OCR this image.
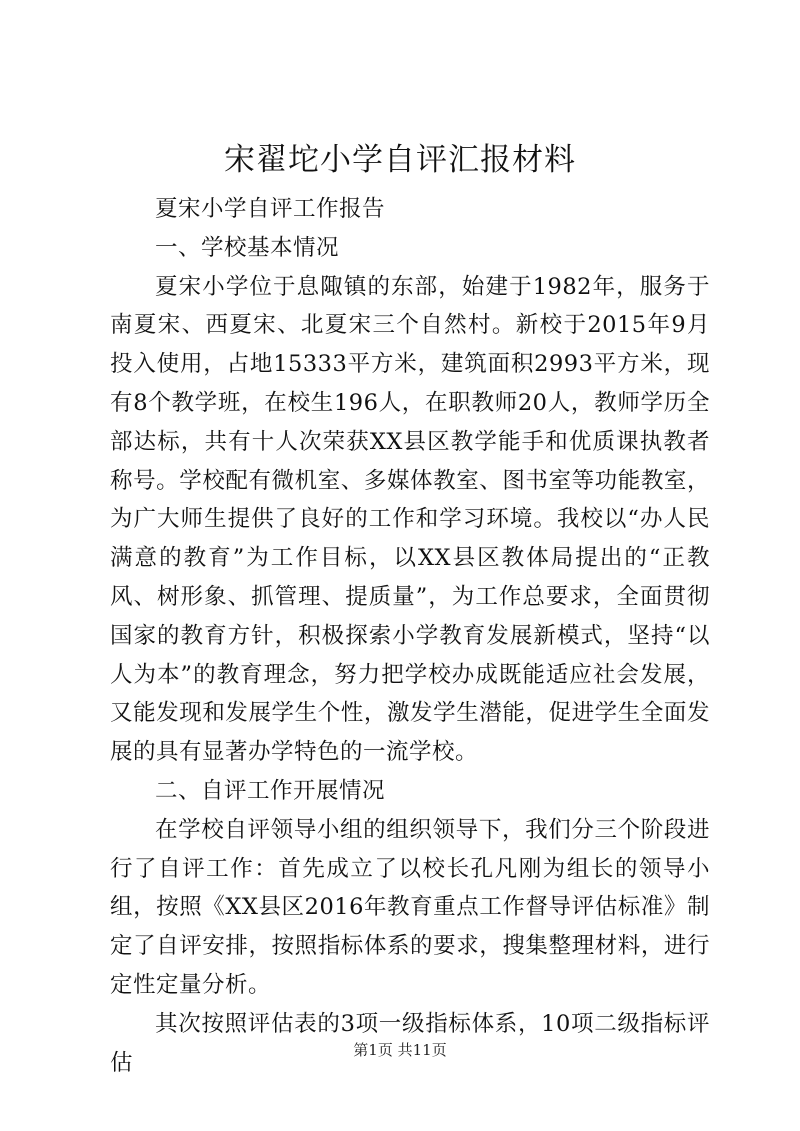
宋翟坨小学自评汇报材料

夏宋小学自评工作报告

一、学校基本情况

夏宋小学位于息陬镇的东部，始建于1982年，服务于南夏宋、西夏宋、北夏宋三个自然村。新校于2015年9月投入使用，占地15333平方米，建筑面积2993平方米，现有8个教学班，在校生196人，在职教师20人，教师学历全部达标，共有十人次荣获XX县区教学能手和优质课执教者称号。学校配有微机室、多媒体教室、图书室等功能教室，为广大师生提供了良好的工作和学习环境。我校以“办人民满意的教育”为工作目标，以XX县区教体局提出的“正教风、树形象、抓管理、提质量”，为工作总要求，全面贯彻国家的教育方针，积极探索小学教育发展新模式，坚持“以人为本”的教育理念，努力把学校办成既能适应社会发展，又能发现和发展学生个性，激发学生潜能，促进学生全面发展的具有显著办学特色的一流学校。

二、自评工作开展情况

在学校自评领导小组的组织领导下，我们分三个阶段进行了自评工作：首先成立了以校长孔凡刚为组长的领导小组，按照《XX县区2016年教育重点工作督导评估标准》制定了自评安排，按照指标体系的要求，搜集整理材料，进行定性定量分析。

其次按照评估表的3项一级指标体系，10项二级指标评估	第1页 共11页
